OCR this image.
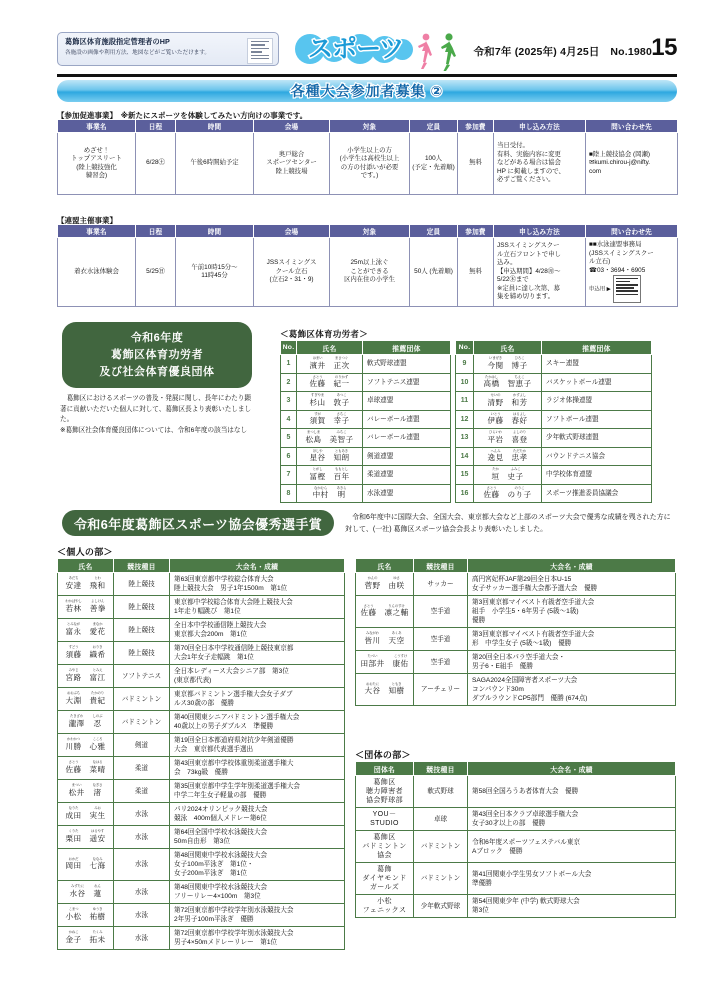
葛飾区体育施設指定管理者のHP
各施設の画像や利用方法、地図などがご覧いただけます。	スポーツ	15
令和7年 (2025年) 4月25日　No.1980
各種大会参加者募集 ②
【参加促進事業】　※新たにスポーツを体験してみたい方向けの事業です。
事業名	日程	時間	会場	対象	定員	参加費	申し込み方法	問い合わせ先
めざせ！
トップアスリート
(陸上競技強化
練習会)	6/28㊏	午後6時開始予定	奥戸総合
スポーツセンター
陸上競技場	小学生以上の方
(小学生は高校生以上
の方の付添いが必要
です。)	100人
(予定・先着順)	無料	当日受付。
有料、実施内容に変更
などがある場合は協会
HP に掲載しますので、
必ずご覧ください。	■陸上競技協会 (岡瀬)
✉kumi.chirou-j@nifty.
com
【連盟主催事業】
事業名	日程	時間	会場	対象	定員	参加費	申し込み方法	問い合わせ先
着衣水泳体験会	5/25㊐	午前10時15分～
11時45分	JSSスイミングス
クール立石
(立石2・31・9)	25m以上泳ぐ
ことができる
区内在住の小学生	50人 (先着順)	無料	JSSスイミングスクー
ル立石フロントで申し
込み。
【申込期間】4/28㊊～
5/22㊍まで
※定員に達し次第、募
集を締め切ります。	
■■水泳連盟事務局
(JSSスイミングスクー
ル立石)
☎03・3694・6905
申込⽤ ▶
令和6年度
葛飾区体育功労者
及び社会体育優良団体
　葛飾区におけるスポーツの普及・発展に関し、長年にわたり顕著に貢献いただいた個人に対して、葛飾区長より表彰いたしました。
※葛飾区社会体育優良団体については、令和6年度の該当はなし
＜葛飾区体育功労者＞
No.	氏名	推薦団体
1	はまい
濱井
まさつぐ
正次	軟式野球連盟
2	さとう
佐藤
のりかず
紀一	ソフトテニス連盟
3	すぎやま
杉山
あつこ
敦子	卓球連盟
4	すが
須賀
さちこ
幸子	バレーボール連盟
5	まつしま
松島
みちこ
美智子	バレーボール連盟
6	ほしや
星谷
ともあき
知朗	剣道連盟
7	とがし
冨樫
ももとし
百年	柔道連盟
8	なかむら
中村
あきら
明	水泳連盟
No.	氏名	推薦団体
9	いまぜき
今関
ひろこ
博子	スキー連盟
10	たかはし
高橋
ちえこ
智恵子	バスケットボール連盟
11	せいの
清野
かずよし
和芳	ラジオ体操連盟
12	いとう
伊藤
はるよし
春好	ソフトボール連盟
13	ひらいわ
平岩
よしのり
喜登	少年軟式野球連盟
14	へんみ
逸見
ただたか
忠孝	バウンドテニス協会
15	たか
垣
ふみこ
史子	中学校体育連盟
16	さとう
佐藤
のりこ
のり子	スポーツ推進委員協議会
令和6年度葛飾区スポーツ協会優秀選手賞	　令和6年度中に国際大会、全国大会、東京都大会など上部のスポーツ大会で優秀な成績を残された方に対して、(一社) 葛飾区スポーツ協会会長より表彰いたしました。
＜個人の部＞
氏名	競技種目	大会名・成績

あだち
安達
とわ
飛和	陸上競技	第63回東京都中学校総合体育大会
陸上競技大会　男子1年1500m　第1位

わかばやし
若林
よしけん
善拳	陸上競技	東京都中学校総合体育大会陸上競技大会
1年走り幅跳び　第1位

とみなが
富永
まなか
愛花	陸上競技	全日本中学校通信陸上競技大会
東京都大会200m　第1位

すどう
須藤
おりき
織希	陸上競技	第70回全日本中学校通信陸上競技東京都
大会1年女子走幅跳　第1位

みやじ
宮路
とみえ
富江	ソフトテニス	全日本レディース大会シニア部　第3位
(東京都代表)

おおぶち
大淵
たかのり
貴紀	バドミントン	東京都バドミントン選手権大会女子ダブ
ルス30歳の部　優勝

たきざわ
瀧澤
しのぶ
忍	バドミントン	第40回関東シニアバドミントン選手権大会
40歳以上の男子ダブルス　準優勝

かわかつ
川勝
こころ
心雅	剣道	第19回全日本都道府県対抗少年剣道優勝
大会　東京都代表選手選出

さとう
佐藤
なはる
菜晴	柔道	第43回東京都中学校体重別柔道選手権大
会　73kg級　優勝

まつい
松井
なぎさ
渚	柔道	第35回東京都中学生学年別柔道選手権大会
中学二年生女子軽量の部　優勝

なりた
成田
みお
実生	水泳	パリ2024オリンピック競技大会
競泳　400m個人メドレー第6位

くりた
栗田
はるやす
遥安	水泳	第64回全国中学校水泳競技大会
50m自由形　第3位

おかだ
岡田
ななみ
七海	水泳	第48回関東中学校水泳競技大会
女子100m平泳ぎ　第1位・
女子200m平泳ぎ　第1位

みずたに
水谷
れん
蓮	水泳	第48回関東中学校水泳競技大会
フリーリレー4×100m　第3位

こまつ
小松
ゆうき
祐樹	水泳	第72回東京都中学校学年別水泳競技大会
2年男子100m平泳ぎ　優勝

かねこ
金子
たくみ
拓未	水泳	第72回東京都中学校学年別水泳競技大会
男子4×50mメドレーリレー　第1位
氏名	競技種目	大会名・成績

かんの
菅野
ゆさ
由咲	サッカー	高円宮妃杯JAF第29回全日本U‐15
女子サッカー選手権大会都予選大会　優勝

さとう
佐藤
りんのすけ
凛之輔	空手道	第3回東京都マイベスト有級者空手道大会
組手　小学生5・6年男子 (5級～1級)
優勝

みながわ
皆川
あくあ
天空	空手道	第3回東京都マイベスト有級者空手道大会
形　中学生女子 (5級～1級)　優勝

たべい
田部井
こうすけ
康佑	空手道	第20回全日本パラ空手道大会・
男子6・E組手　優勝

おおたに
大谷
ともき
知樹	アーチェリー	SAGA2024全国障害者スポーツ大会
コンパウンド30m
ダブルラウンドCP5部門　優勝 (674点)
＜団体の部＞
団体名	競技種目	大会名・成績
葛飾区
聴力障害者
協会野球部	軟式野球	第58回全国ろうあ者体育大会　優勝
YOU－
STUDIO	卓球	第43回全日本クラブ卓球選手権大会
女子30才以上の部　優勝
葛飾区
バドミントン
協会	バドミントン	令和6年度スポーツフェステバル東京
Aブロック　優勝
葛飾
ダイヤモンド
ガールズ	バドミントン	第41回関東小学生男女ソフトボール大会
準優勝
小松
フェニックス	少年軟式野球	第54回関東少年 (中学) 軟式野球大会
第3位
